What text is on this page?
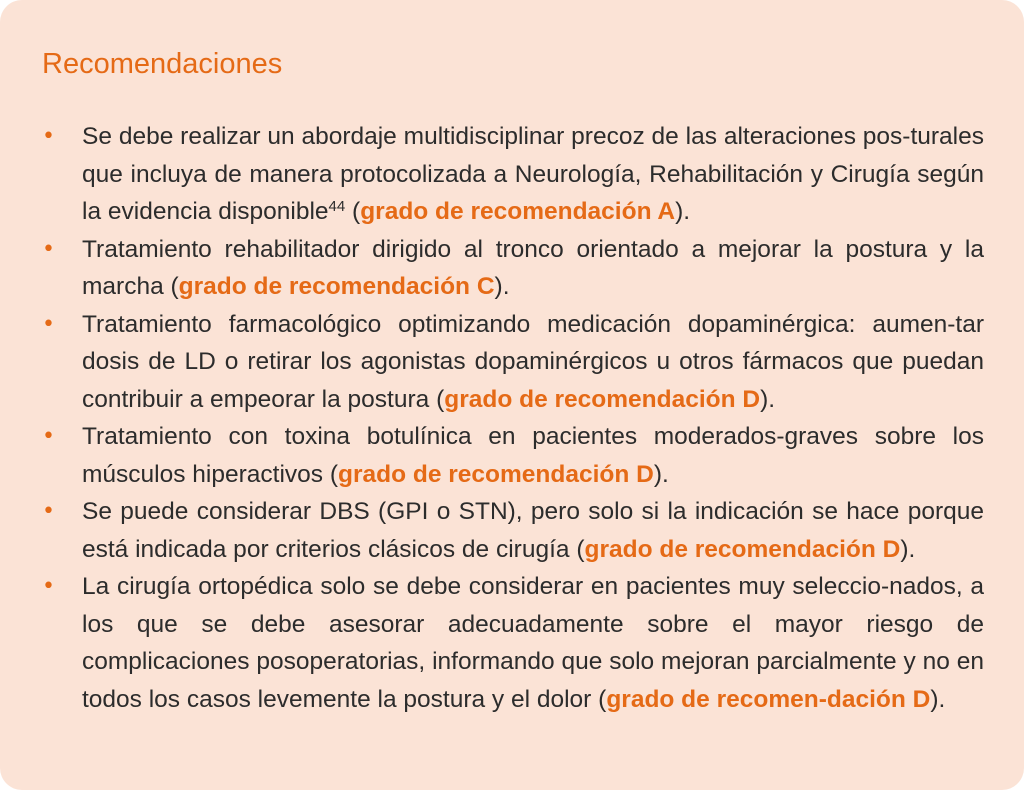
Recomendaciones
• Se debe realizar un abordaje multidisciplinar precoz de las alteraciones pos-turales que incluya de manera protocolizada a Neurología, Rehabilitación y Cirugía según la evidencia disponible$^{44}$ (grado de recomendación A).
• Tratamiento rehabilitador dirigido al tronco orientado a mejorar la postura y la marcha (grado de recomendación C).
• Tratamiento farmacológico optimizando medicación dopaminérgica: aumen-tar dosis de LD o retirar los agonistas dopaminérgicos u otros fármacos que puedan contribuir a empeorar la postura (grado de recomendación D).
• Tratamiento con toxina botulínica en pacientes moderados-graves sobre los músculos hiperactivos (grado de recomendación D).
• Se puede considerar DBS (GPI o STN), pero solo si la indicación se hace porque está indicada por criterios clásicos de cirugía (grado de recomendación D).
• La cirugía ortopédica solo se debe considerar en pacientes muy seleccio-nados, a los que se debe asesorar adecuadamente sobre el mayor riesgo de complicaciones posoperatorias, informando que solo mejoran parcialmente y no en todos los casos levemente la postura y el dolor (grado de recomen-dación D).
